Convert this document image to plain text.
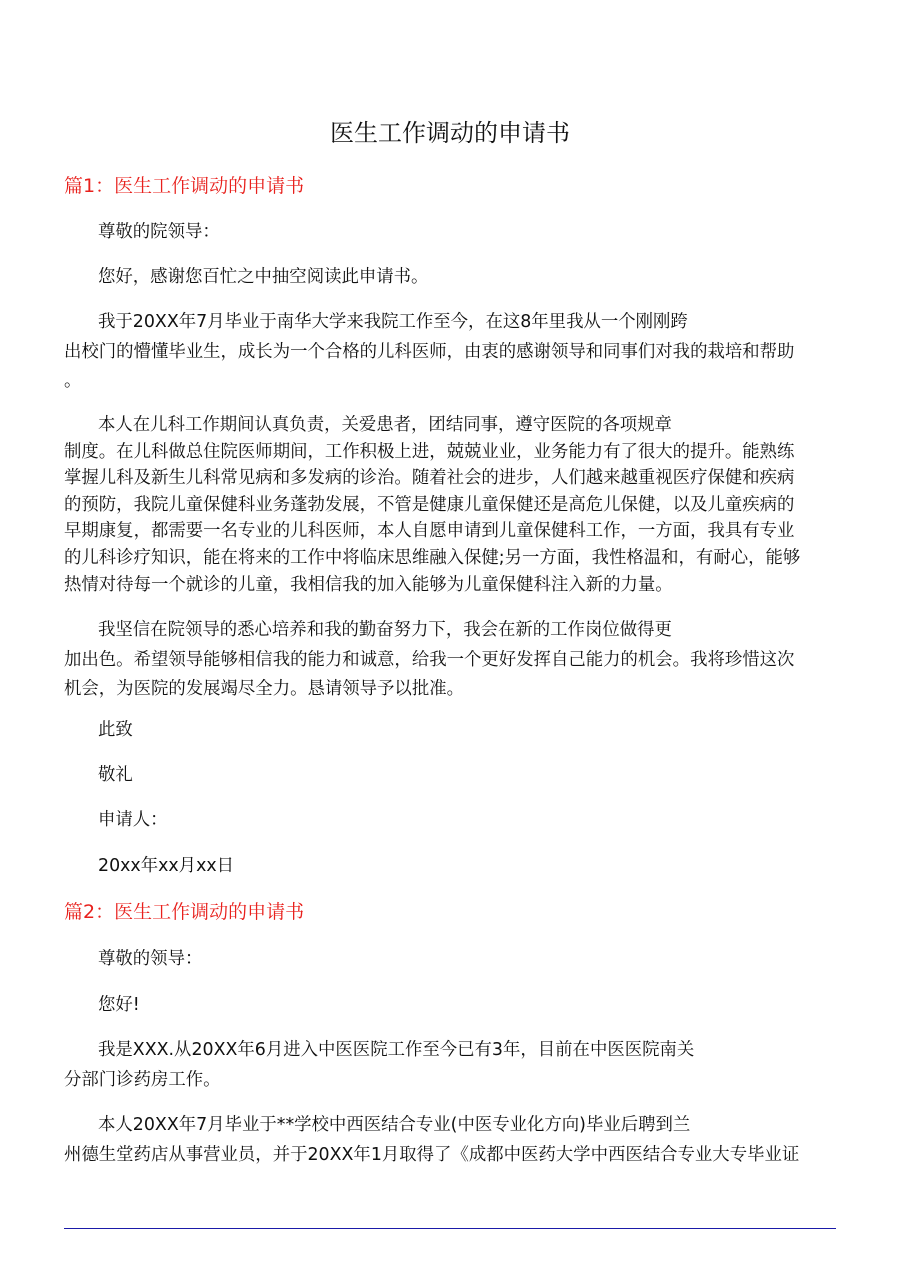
医生工作调动的申请书
篇1：医生工作调动的申请书
尊敬的院领导：
您好，感谢您百忙之中抽空阅读此申请书。
我于20XX年7月毕业于南华大学来我院工作至今，在这8年里我从一个刚刚跨
出校门的懵懂毕业生，成长为一个合格的儿科医师，由衷的感谢领导和同事们对我的栽培和帮助
。
本人在儿科工作期间认真负责，关爱患者，团结同事，遵守医院的各项规章
制度。在儿科做总住院医师期间，工作积极上进，兢兢业业，业务能力有了很大的提升。能熟练
掌握儿科及新生儿科常见病和多发病的诊治。随着社会的进步，人们越来越重视医疗保健和疾病
的预防，我院儿童保健科业务蓬勃发展，不管是健康儿童保健还是高危儿保健，以及儿童疾病的
早期康复，都需要一名专业的儿科医师，本人自愿申请到儿童保健科工作，一方面，我具有专业
的儿科诊疗知识，能在将来的工作中将临床思维融入保健;另一方面，我性格温和，有耐心，能够
热情对待每一个就诊的儿童，我相信我的加入能够为儿童保健科注入新的力量。
我坚信在院领导的悉心培养和我的勤奋努力下，我会在新的工作岗位做得更
加出色。希望领导能够相信我的能力和诚意，给我一个更好发挥自己能力的机会。我将珍惜这次
机会，为医院的发展竭尽全力。恳请领导予以批准。
此致
敬礼
申请人：
20xx年xx月xx日
篇2：医生工作调动的申请书
尊敬的领导：
您好!
我是XXX.从20XX年6月进入中医医院工作至今已有3年，目前在中医医院南关
分部门诊药房工作。
本人20XX年7月毕业于**学校中西医结合专业(中医专业化方向)毕业后聘到兰
州德生堂药店从事营业员，并于20XX年1月取得了《成都中医药大学中西医结合专业大专毕业证
